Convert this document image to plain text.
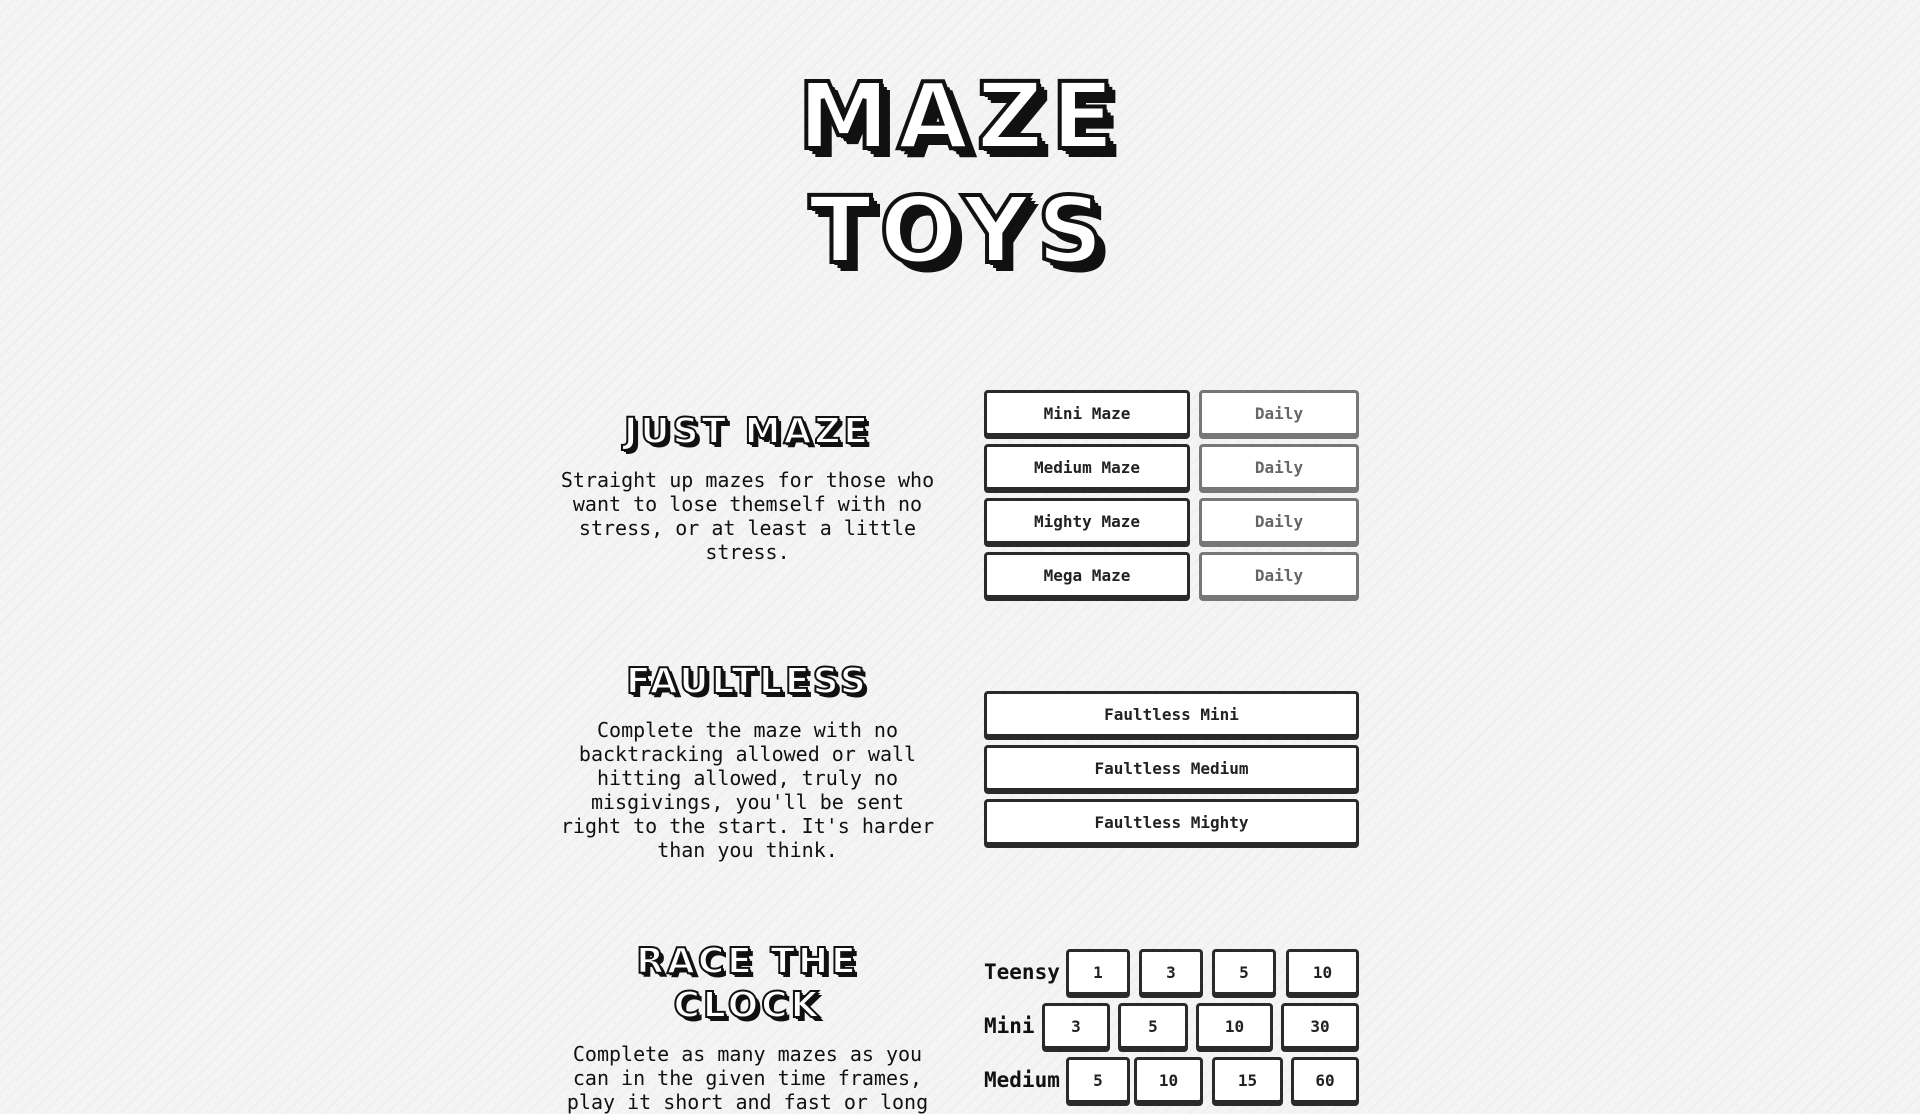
MAZE
TOYS
JUST MAZE

Straight up mazes for those who want to lose themself with no stress, or at least a little stress.

Mini Maze	Daily
Medium Maze	Daily
Mighty Maze	Daily
Mega Maze	Daily
FAULTLESS

Complete the maze with no backtracking allowed or wall hitting allowed, truly no misgivings, you'll be sent right to the start. It's harder than you think.

Faultless Mini
Faultless Medium
Faultless Mighty
RACE THE CLOCK

Complete as many mazes as you can in the given time frames, play it short and fast or long

Teensy	1	3	5	10
Mini	3	5	10	30
Medium	5	10	15	60
